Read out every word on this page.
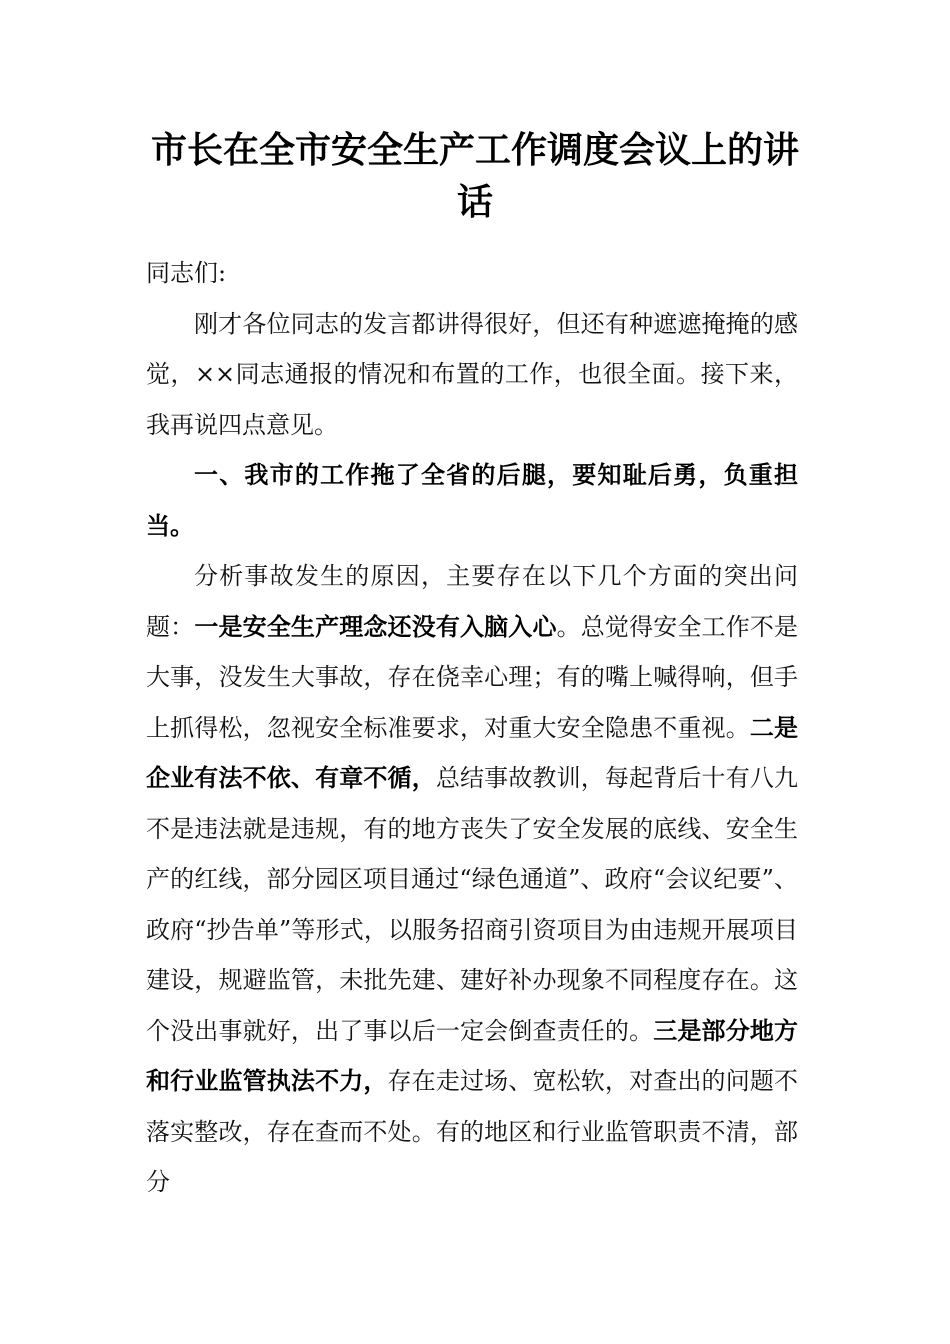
市长在全市安全生产工作调度会议上的讲话

同志们:

刚才各位同志的发言都讲得很好，但还有种遮遮掩掩的感觉，××同志通报的情况和布置的工作，也很全面。接下来，我再说四点意见。

一、我市的工作拖了全省的后腿，要知耻后勇，负重担当。

分析事故发生的原因，主要存在以下几个方面的突出问题：一是安全生产理念还没有入脑入心。总觉得安全工作不是大事，没发生大事故，存在侥幸心理；有的嘴上喊得响，但手上抓得松，忽视安全标准要求，对重大安全隐患不重视。二是企业有法不依、有章不循，总结事故教训，每起背后十有八九不是违法就是违规，有的地方丧失了安全发展的底线、安全生产的红线，部分园区项目通过“绿色通道”、政府“会议纪要”、政府“抄告单”等形式，以服务招商引资项目为由违规开展项目建设，规避监管，未批先建、建好补办现象不同程度存在。这个没出事就好，出了事以后一定会倒查责任的。三是部分地方和行业监管执法不力，存在走过场、宽松软，对查出的问题不落实整改，存在查而不处。有的地区和行业监管职责不清，部分
